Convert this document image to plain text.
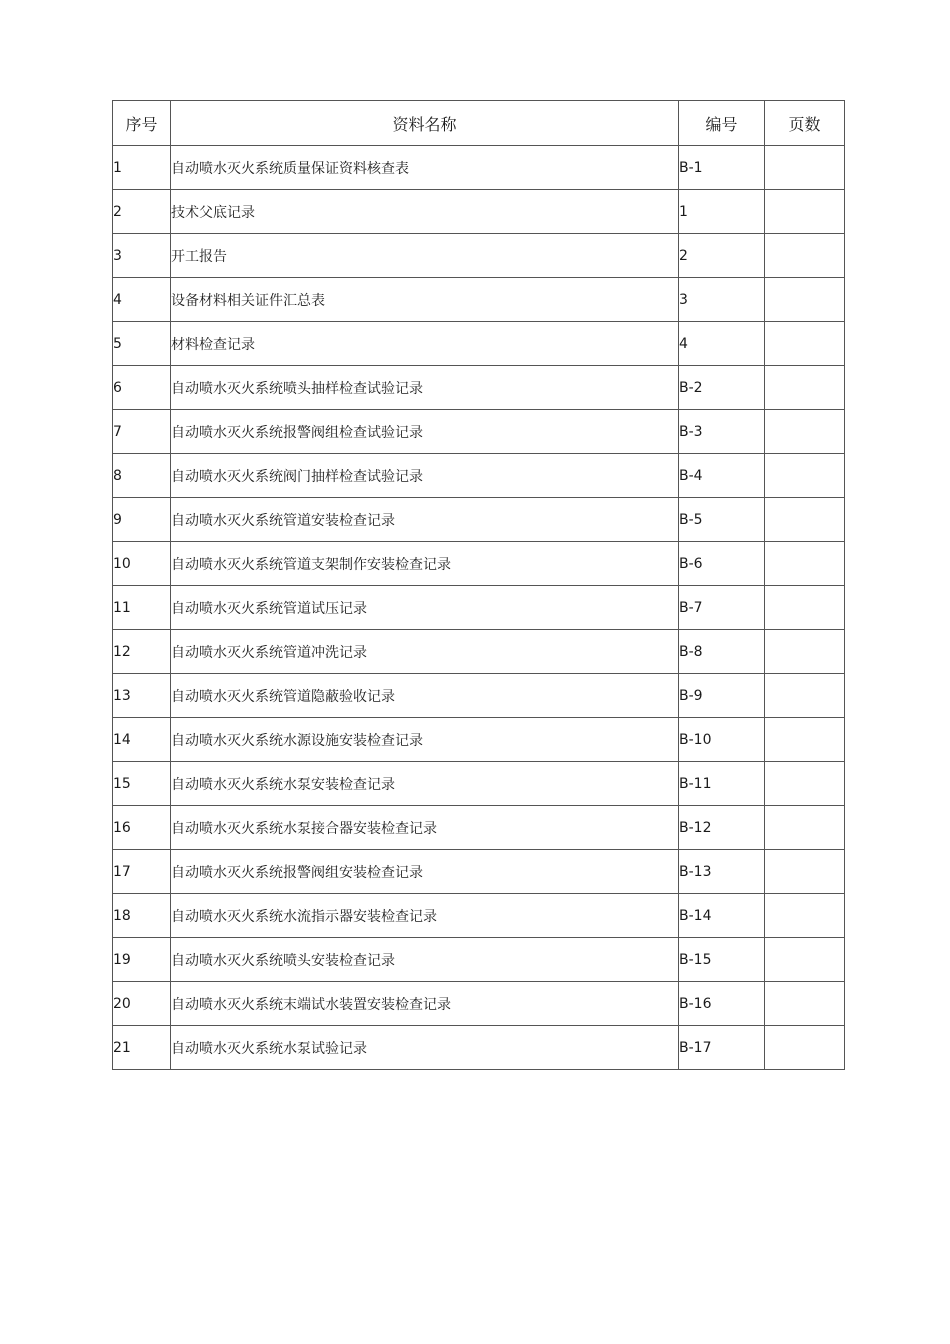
序号	资料名称	编号	页数
1	自动喷水灭火系统质量保证资料核查表	B-1	
2	技术父底记录	1	
3	开工报告	2	
4	设备材料相关证件汇总表	3	
5	材料检查记录	4	
6	自动喷水灭火系统喷头抽样检查试验记录	B-2	
7	自动喷水灭火系统报警阀组检查试验记录	B-3	
8	自动喷水灭火系统阀门抽样检查试验记录	B-4	
9	自动喷水灭火系统管道安装检查记录	B-5	
10	自动喷水灭火系统管道支架制作安装检查记录	B-6	
11	自动喷水灭火系统管道试压记录	B-7	
12	自动喷水灭火系统管道冲洗记录	B-8	
13	自动喷水灭火系统管道隐蔽验收记录	B-9	
14	自动喷水灭火系统水源设施安装检查记录	B-10	
15	自动喷水灭火系统水泵安装检查记录	B-11	
16	自动喷水灭火系统水泵接合器安装检查记录	B-12	
17	自动喷水灭火系统报警阀组安装检查记录	B-13	
18	自动喷水灭火系统水流指示器安装检查记录	B-14	
19	自动喷水灭火系统喷头安装检查记录	B-15	
20	自动喷水灭火系统末端试水装置安装检查记录	B-16	
21	自动喷水灭火系统水泵试验记录	B-17	
